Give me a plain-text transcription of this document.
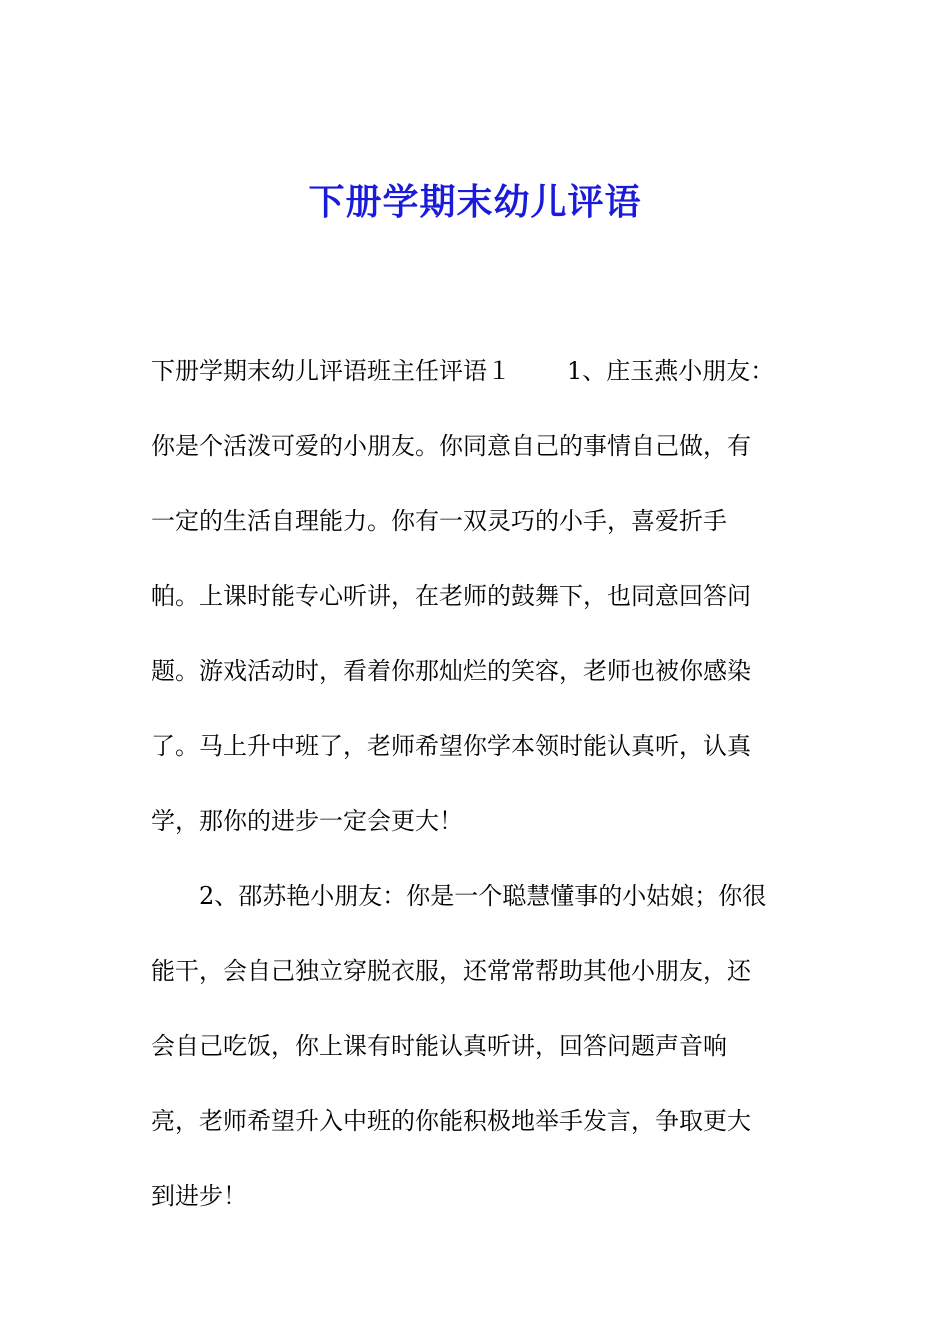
下册学期末幼儿评语
下册学期末幼儿评语班主任评语１ 1、庄玉燕小朋友：
你是个活泼可爱的小朋友。你同意自己的事情自己做，有
一定的生活自理能力。你有一双灵巧的小手，喜爱折手
帕。上课时能专心听讲，在老师的鼓舞下，也同意回答问
题。游戏活动时，看着你那灿烂的笑容，老师也被你感染
了。马上升中班了，老师希望你学本领时能认真听，认真
学，那你的进步一定会更大！
2、邵苏艳小朋友：你是一个聪慧懂事的小姑娘；你很
能干，会自己独立穿脱衣服，还常常帮助其他小朋友，还
会自己吃饭，你上课有时能认真听讲，回答问题声音响
亮，老师希望升入中班的你能积极地举手发言，争取更大
到进步！
